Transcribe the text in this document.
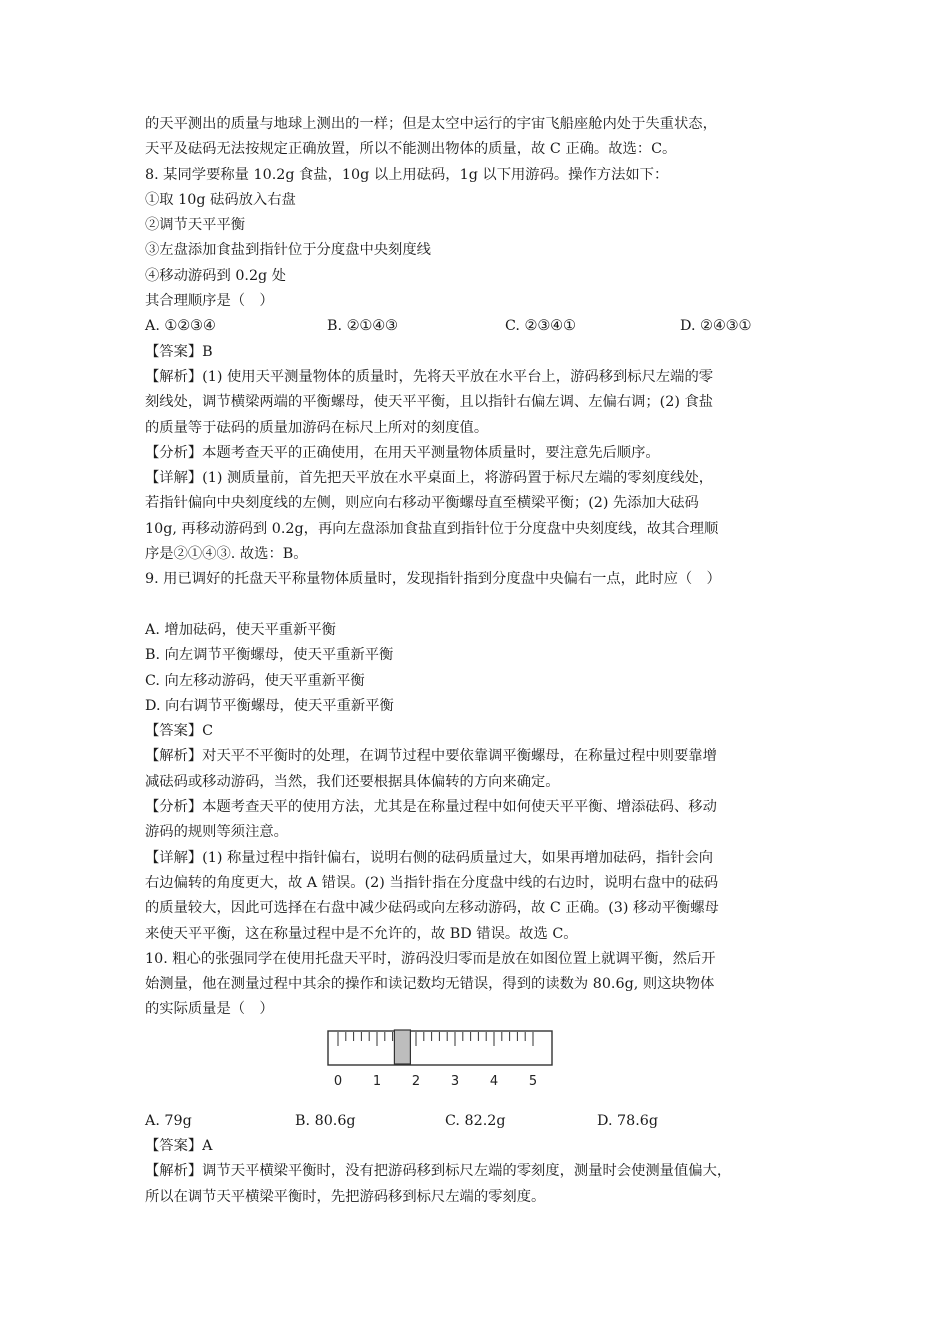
的天平测出的质量与地球上测出的一样；但是太空中运行的宇宙飞船座舱内处于失重状态，
天平及砝码无法按规定正确放置，所以不能测出物体的质量，故 C 正确。故选：C。
8. 某同学要称量 10.2g 食盐，10g 以上用砝码，1g 以下用游码。操作方法如下：
①取 10g 砝码放入右盘
②调节天平平衡
③左盘添加食盐到指针位于分度盘中央刻度线
④移动游码到 0.2g 处
其合理顺序是（　）
A. ①②③④	B. ②①④③	C. ②③④①	D. ②④③①
【答案】B
【解析】(1) 使用天平测量物体的质量时，先将天平放在水平台上，游码移到标尺左端的零
刻线处，调节横梁两端的平衡螺母，使天平平衡，且以指针右偏左调、左偏右调；(2) 食盐
的质量等于砝码的质量加游码在标尺上所对的刻度值。
【分析】本题考查天平的正确使用，在用天平测量物体质量时，要注意先后顺序。
【详解】(1) 测质量前，首先把天平放在水平桌面上，将游码置于标尺左端的零刻度线处，
若指针偏向中央刻度线的左侧，则应向右移动平衡螺母直至横梁平衡；(2) 先添加大砝码
10g, 再移动游码到 0.2g，再向左盘添加食盐直到指针位于分度盘中央刻度线，故其合理顺
序是②①④③. 故选：B。
9. 用已调好的托盘天平称量物体质量时，发现指针指到分度盘中央偏右一点，此时应（　）
A. 增加砝码，使天平重新平衡
B. 向左调节平衡螺母，使天平重新平衡
C. 向左移动游码，使天平重新平衡
D. 向右调节平衡螺母，使天平重新平衡
【答案】C
【解析】对天平不平衡时的处理，在调节过程中要依靠调平衡螺母，在称量过程中则要靠增
减砝码或移动游码，当然，我们还要根据具体偏转的方向来确定。
【分析】本题考查天平的使用方法，尤其是在称量过程中如何使天平平衡、增添砝码、移动
游码的规则等须注意。
【详解】(1) 称量过程中指针偏右，说明右侧的砝码质量过大，如果再增加砝码，指针会向
右边偏转的角度更大，故 A 错误。(2) 当指针指在分度盘中线的右边时，说明右盘中的砝码
的质量较大，因此可选择在右盘中减少砝码或向左移动游码，故 C 正确。(3) 移动平衡螺母
来使天平平衡，这在称量过程中是不允许的，故 BD 错误。故选 C。
10. 粗心的张强同学在使用托盘天平时，游码没归零而是放在如图位置上就调平衡，然后开
始测量，他在测量过程中其余的操作和读记数均无错误，得到的读数为 80.6g, 则这块物体
的实际质量是（　）
0 1 2 3 4 5
A. 79g	B. 80.6g	C. 82.2g	D. 78.6g
【答案】A
【解析】调节天平横梁平衡时，没有把游码移到标尺左端的零刻度，测量时会使测量值偏大，
所以在调节天平横梁平衡时，先把游码移到标尺左端的零刻度。
